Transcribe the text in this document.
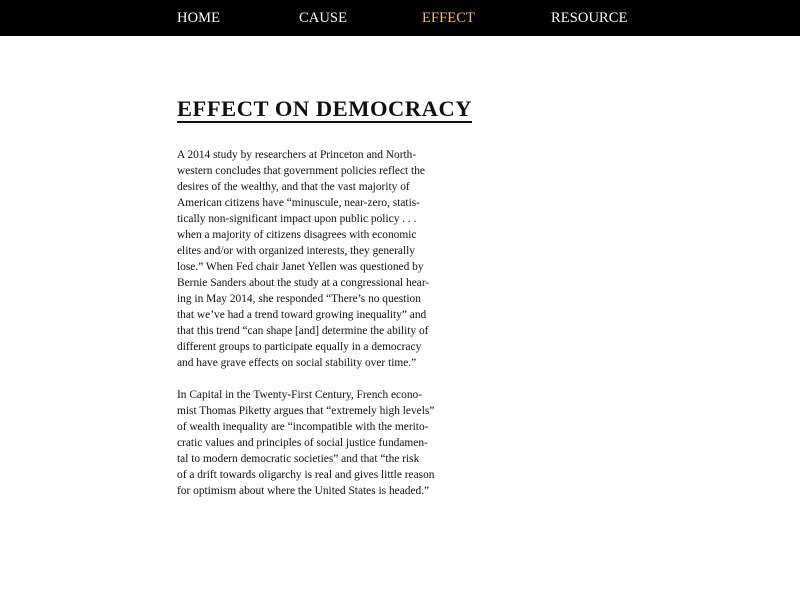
HOME	CAUSE	EFFECT	RESOURCE
EFFECT ON DEMOCRACY

A 2014 study by researchers at Princeton and North-
western concludes that government policies reflect the
desires of the wealthy, and that the vast majority of
American citizens have “minuscule, near-zero, statis-
tically non-significant impact upon public policy . . .
when a majority of citizens disagrees with economic
elites and/or with organized interests, they generally
lose.” When Fed chair Janet Yellen was questioned by
Bernie Sanders about the study at a congressional hear-
ing in May 2014, she responded “There’s no question
that we’ve had a trend toward growing inequality” and
that this trend “can shape [and] determine the ability of
different groups to participate equally in a democracy
and have grave effects on social stability over time.”

In Capital in the Twenty-First Century, French econo-
mist Thomas Piketty argues that “extremely high levels”
of wealth inequality are “incompatible with the merito-
cratic values and principles of social justice fundamen-
tal to modern democratic societies” and that “the risk
of a drift towards oligarchy is real and gives little reason
for optimism about where the United States is headed.”
